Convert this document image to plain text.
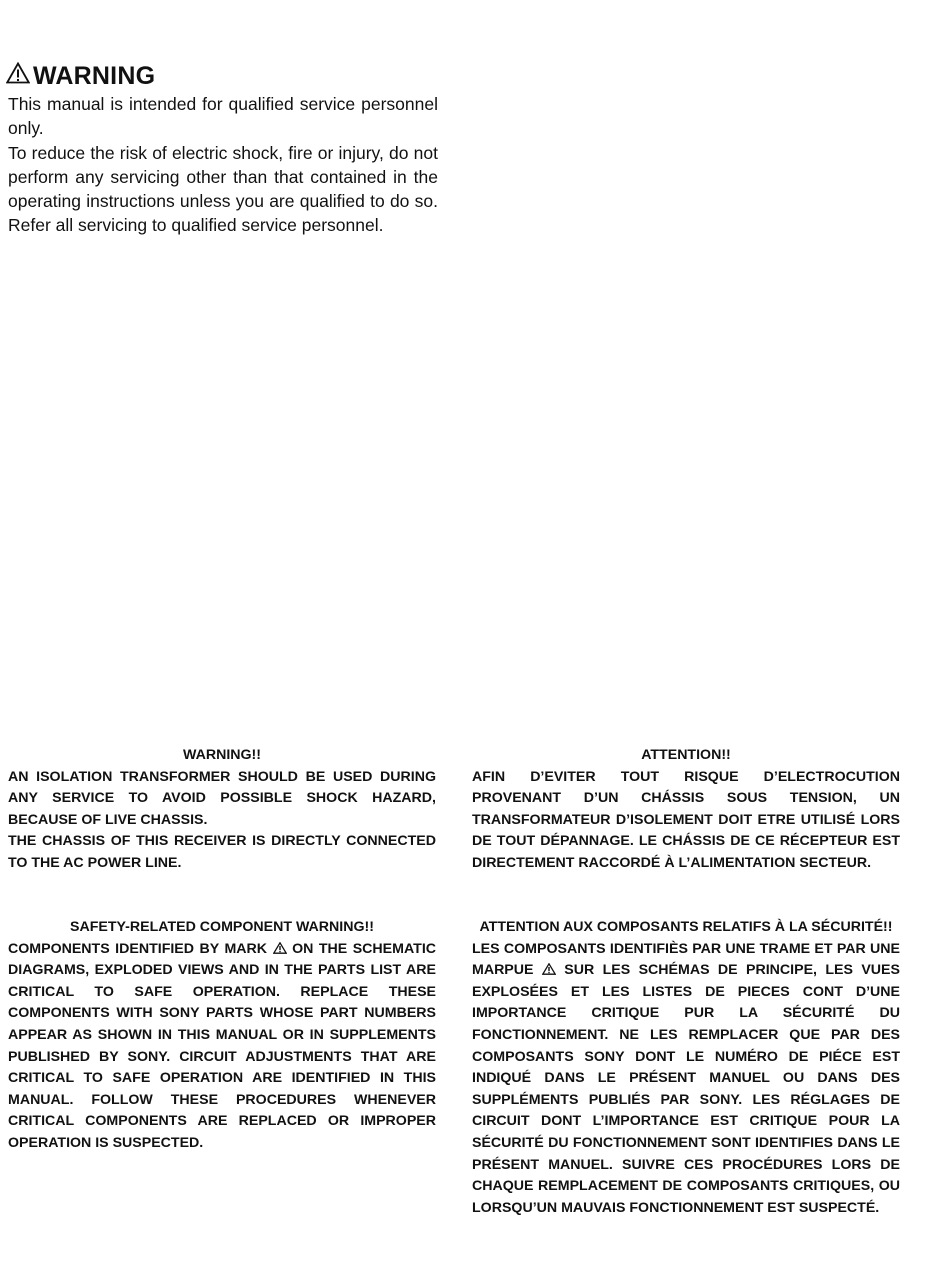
WARNING

This manual is intended for qualified service personnel only.

To reduce the risk of electric shock, fire or injury, do not perform any servicing other than that contained in the operating instructions unless you are qualified to do so. Refer all servicing to qualified service personnel.

WARNING!!
AN ISOLATION TRANSFORMER SHOULD BE USED DURING ANY SERVICE TO AVOID POSSIBLE SHOCK HAZARD, BECAUSE OF LIVE CHASSIS.
THE CHASSIS OF THIS RECEIVER IS DIRECTLY CONNECTED TO THE AC POWER LINE.
ATTENTION!!
AFIN D’EVITER TOUT RISQUE D’ELECTROCUTION PROVENANT D’UN CHÁSSIS SOUS TENSION, UN TRANSFORMATEUR D’ISOLEMENT DOIT ETRE UTILISÉ LORS DE TOUT DÉPANNAGE. LE CHÁSSIS DE CE RÉCEPTEUR EST DIRECTEMENT RACCORDÉ À L’ALIMENTATION SECTEUR.
SAFETY-RELATED COMPONENT WARNING!!
COMPONENTS IDENTIFIED BY MARK ON THE SCHEMATIC DIAGRAMS, EXPLODED VIEWS AND IN THE PARTS LIST ARE CRITICAL TO SAFE OPERATION. REPLACE THESE COMPONENTS WITH SONY PARTS WHOSE PART NUMBERS APPEAR AS SHOWN IN THIS MANUAL OR IN SUPPLEMENTS PUBLISHED BY SONY. CIRCUIT ADJUSTMENTS THAT ARE CRITICAL TO SAFE OPERATION ARE IDENTIFIED IN THIS MANUAL. FOLLOW THESE PROCEDURES WHENEVER CRITICAL COMPONENTS ARE REPLACED OR IMPROPER OPERATION IS SUSPECTED.
ATTENTION AUX COMPOSANTS RELATIFS À LA SÉCURITÉ!!
LES COMPOSANTS IDENTIFIÈS PAR UNE TRAME ET PAR UNE MARPUE SUR LES SCHÉMAS DE PRINCIPE, LES VUES EXPLOSÉES ET LES LISTES DE PIECES CONT D’UNE IMPORTANCE CRITIQUE PUR LA SÉCURITÉ DU FONCTIONNEMENT. NE LES REMPLACER QUE PAR DES COMPOSANTS SONY DONT LE NUMÉRO DE PIÉCE EST INDIQUÉ DANS LE PRÉSENT MANUEL OU DANS DES SUPPLÉMENTS PUBLIÉS PAR SONY. LES RÉGLAGES DE CIRCUIT DONT L’IMPORTANCE EST CRITIQUE POUR LA SÉCURITÉ DU FONCTIONNEMENT SONT IDENTIFIES DANS LE PRÉSENT MANUEL. SUIVRE CES PROCÉDURES LORS DE CHAQUE REMPLACEMENT DE COMPOSANTS CRITIQUES, OU LORSQU’UN MAUVAIS FONCTIONNEMENT EST SUSPECTÉ.
